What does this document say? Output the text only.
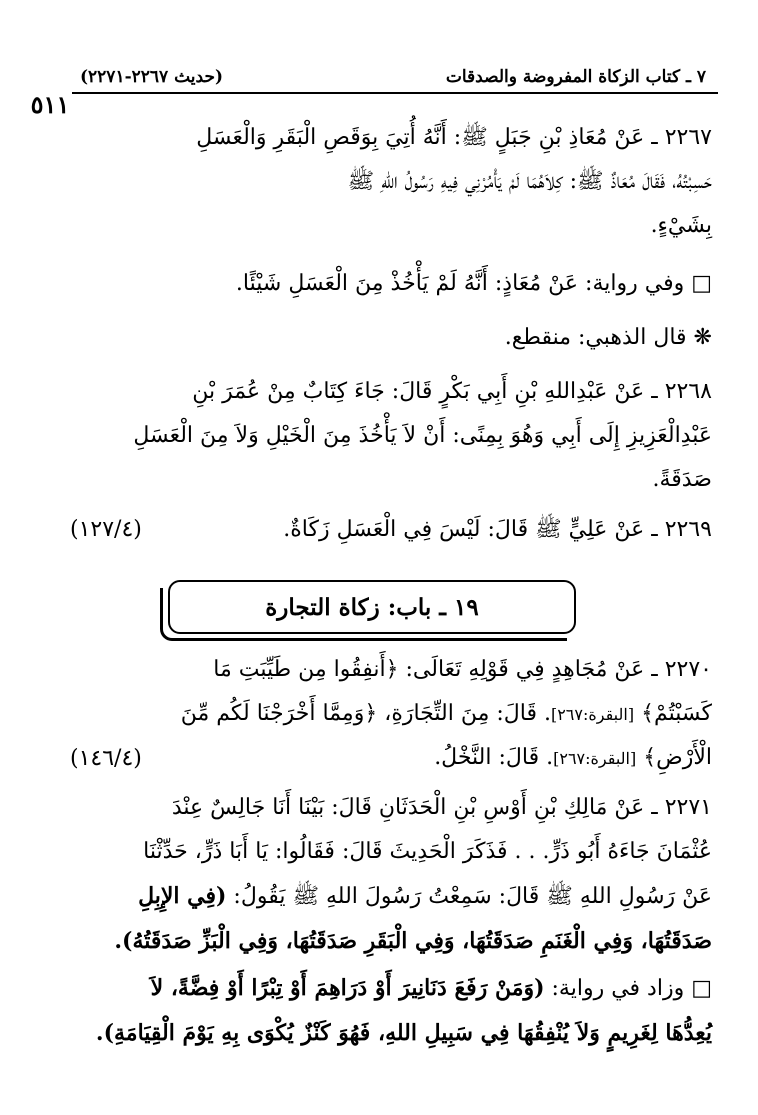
٧ ـ كتاب الزكاة المفروضة والصدقات
(حديث ٢٢٦٧-٢٢٧١)
٥١١
٢٢٦٧ ـ عَنْ مُعَاذِ بْنِ جَبَلٍ ﷺ: أَنَّهُ أُتِيَ بِوَقَصِ الْبَقَرِ وَالْعَسَلِ
حَسِبْتُهُ، فَقَالَ مُعَاذٌ ﷺ: كِلاَهُمَا لَمْ يَأْمُرْنِي فِيهِ رَسُولُ اللهِ ﷺ
بِشَيْءٍ.
□ وفي رواية: عَنْ مُعَاذٍ: أَنَّهُ لَمْ يَأْخُذْ مِنَ الْعَسَلِ شَيْئًا.
❋ قال الذهبي: منقطع.
٢٢٦٨ ـ عَنْ عَبْدِاللهِ بْنِ أَبِي بَكْرٍ قَالَ: جَاءَ كِتَابٌ مِنْ عُمَرَ بْنِ
عَبْدِالْعَزِيزِ إِلَى أَبِي وَهُوَ بِمِنًى: أَنْ لاَ يَأْخُذَ مِنَ الْخَيْلِ وَلاَ مِنَ الْعَسَلِ
صَدَقَةً.
٢٢٦٩ ـ عَنْ عَلِيٍّ ﷺ قَالَ: لَيْسَ فِي الْعَسَلِ زَكَاةٌ.
(١٢٧/٤)
١٩ ـ باب: زكاة التجارة
٢٢٧٠ ـ عَنْ مُجَاهِدٍ فِي قَوْلِهِ تَعَالَى: ﴿أَنفِقُوا مِن طَيِّبَتِ مَا
كَسَبْتُمْ﴾ [البقرة:٢٦٧]. قَالَ: مِنَ التِّجَارَةِ، ﴿وَمِمَّا أَخْرَجْنَا لَكُم مِّنَ
الْأَرْضِ﴾ [البقرة:٢٦٧]. قَالَ: النَّخْلُ.
(١٤٦/٤)
٢٢٧١ ـ عَنْ مَالِكِ بْنِ أَوْسِ بْنِ الْحَدَثَانِ قَالَ: بَيْنَا أَنَا جَالِسٌ عِنْدَ
عُثْمَانَ جَاءَهُ أَبُو ذَرٍّ. . . فَذَكَرَ الْحَدِيثَ قَالَ: فَقَالُوا: يَا أَبَا ذَرٍّ، حَدِّثْنَا
عَنْ رَسُولِ اللهِ ﷺ قَالَ: سَمِعْتُ رَسُولَ اللهِ ﷺ يَقُولُ: (فِي الإِبِلِ
صَدَقَتُهَا، وَفِي الْغَنَمِ صَدَقَتُهَا، وَفِي الْبَقَرِ صَدَقَتُهَا، وَفِي الْبَزِّ صَدَقَتُهُ).
□ وزاد في رواية: (وَمَنْ رَفَعَ دَنَانِيرَ أَوْ دَرَاهِمَ أَوْ تِبْرًا أَوْ فِضَّةً، لاَ
يُعِدُّهَا لِغَرِيمٍ وَلاَ يُنْفِقُهَا فِي سَبِيلِ اللهِ، فَهُوَ كَنْزٌ يُكْوَى بِهِ يَوْمَ الْقِيَامَةِ).
